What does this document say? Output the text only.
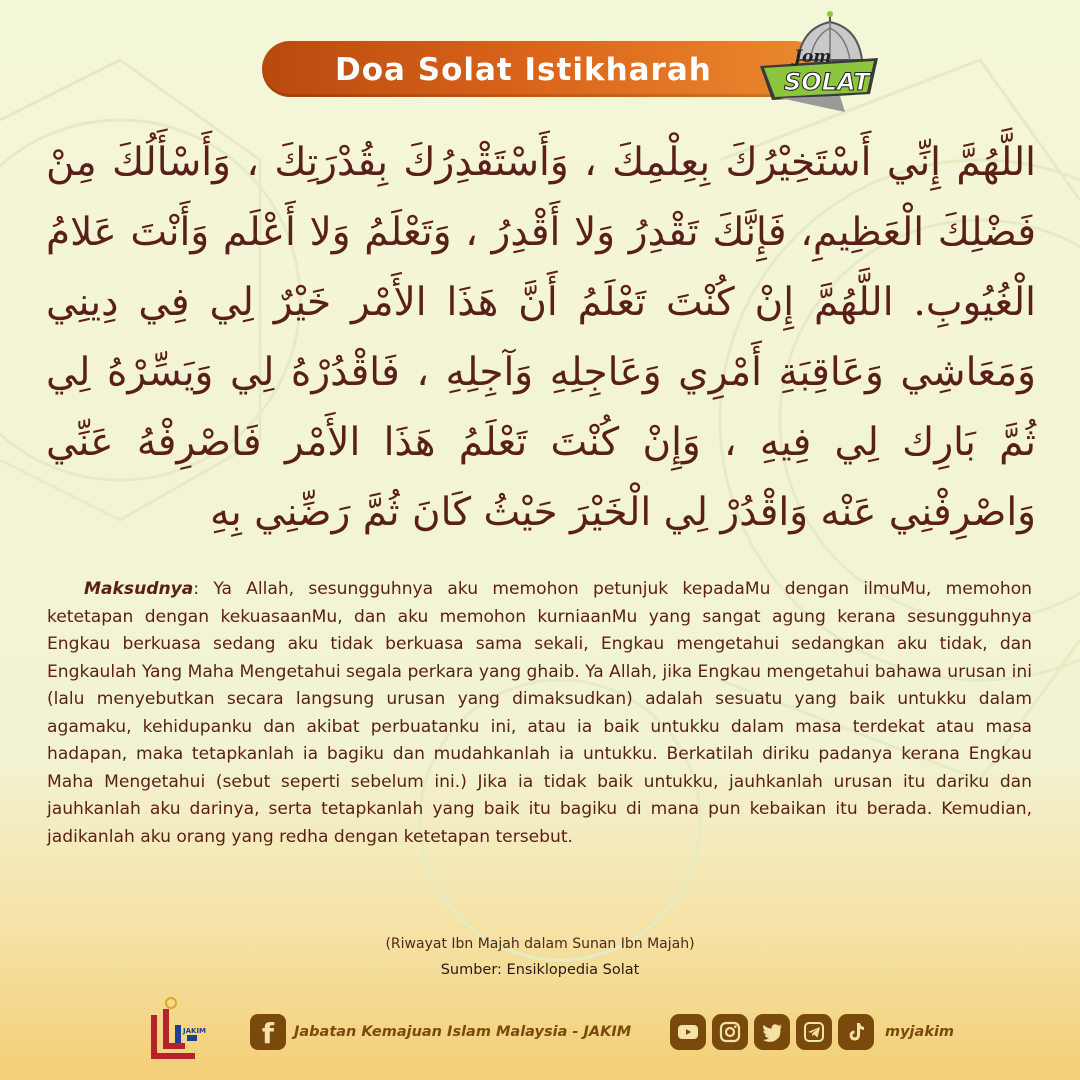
Doa Solat Istikharah	Jom
SOLAT
اللَّهُمَّ إِنِّي أَسْتَخِيْرُكَ بِعِلْمِكَ ، وَأَسْتَقْدِرُكَ بِقُدْرَتِكَ ، وَأَسْأَلُكَ مِنْ فَضْلِكَ الْعَظِيمِ، فَإِنَّكَ تَقْدِرُ وَلا أَقْدِرُ ، وَتَعْلَمُ وَلا أَعْلَم وَأَنْتَ عَلامُ الْغُيُوبِ. اللَّهُمَّ إِنْ كُنْتَ تَعْلَمُ أَنَّ هَذَا الأَمْر خَيْرٌ لِي فِي دِينِي وَمَعَاشِي وَعَاقِبَةِ أَمْرِي وَعَاجِلِهِ وَآجِلِهِ ، فَاقْدُرْهُ لِي وَيَسِّرْهُ لِي ثُمَّ بَارِك لِي فِيهِ ، وَإِنْ كُنْتَ تَعْلَمُ هَذَا الأَمْر فَاصْرِفْهُ عَنِّي وَاصْرِفْنِي عَنْه وَاقْدُرْ لِي الْخَيْرَ حَيْثُ كَانَ ثُمَّ رَضِّنِي بِهِ
Maksudnya: Ya Allah, sesungguhnya aku memohon petunjuk kepadaMu dengan ilmuMu, memohon ketetapan dengan kekuasaanMu, dan aku memohon kurniaanMu yang sangat agung kerana sesungguhnya Engkau berkuasa sedang aku tidak berkuasa sama sekali, Engkau mengetahui sedangkan aku tidak, dan Engkaulah Yang Maha Mengetahui segala perkara yang ghaib. Ya Allah, jika Engkau mengetahui bahawa urusan ini (lalu menyebutkan secara langsung urusan yang dimaksudkan) adalah sesuatu yang baik untukku dalam agamaku, kehidupanku dan akibat perbuatanku ini, atau ia baik untukku dalam masa terdekat atau masa hadapan, maka tetapkanlah ia bagiku dan mudahkanlah ia untukku. Berkatilah diriku padanya kerana Engkau Maha Mengetahui (sebut seperti sebelum ini.) Jika ia tidak baik untukku, jauhkanlah urusan itu dariku dan jauhkanlah aku darinya, serta tetapkanlah yang baik itu bagiku di mana pun kebaikan itu berada. Kemudian, jadikanlah aku orang yang redha dengan ketetapan tersebut.
(Riwayat Ibn Majah dalam Sunan Ibn Majah)
Sumber: Ensiklopedia Solat
JAKIM	f	Jabatan Kemajuan Islam Malaysia - JAKIM	myjakim
